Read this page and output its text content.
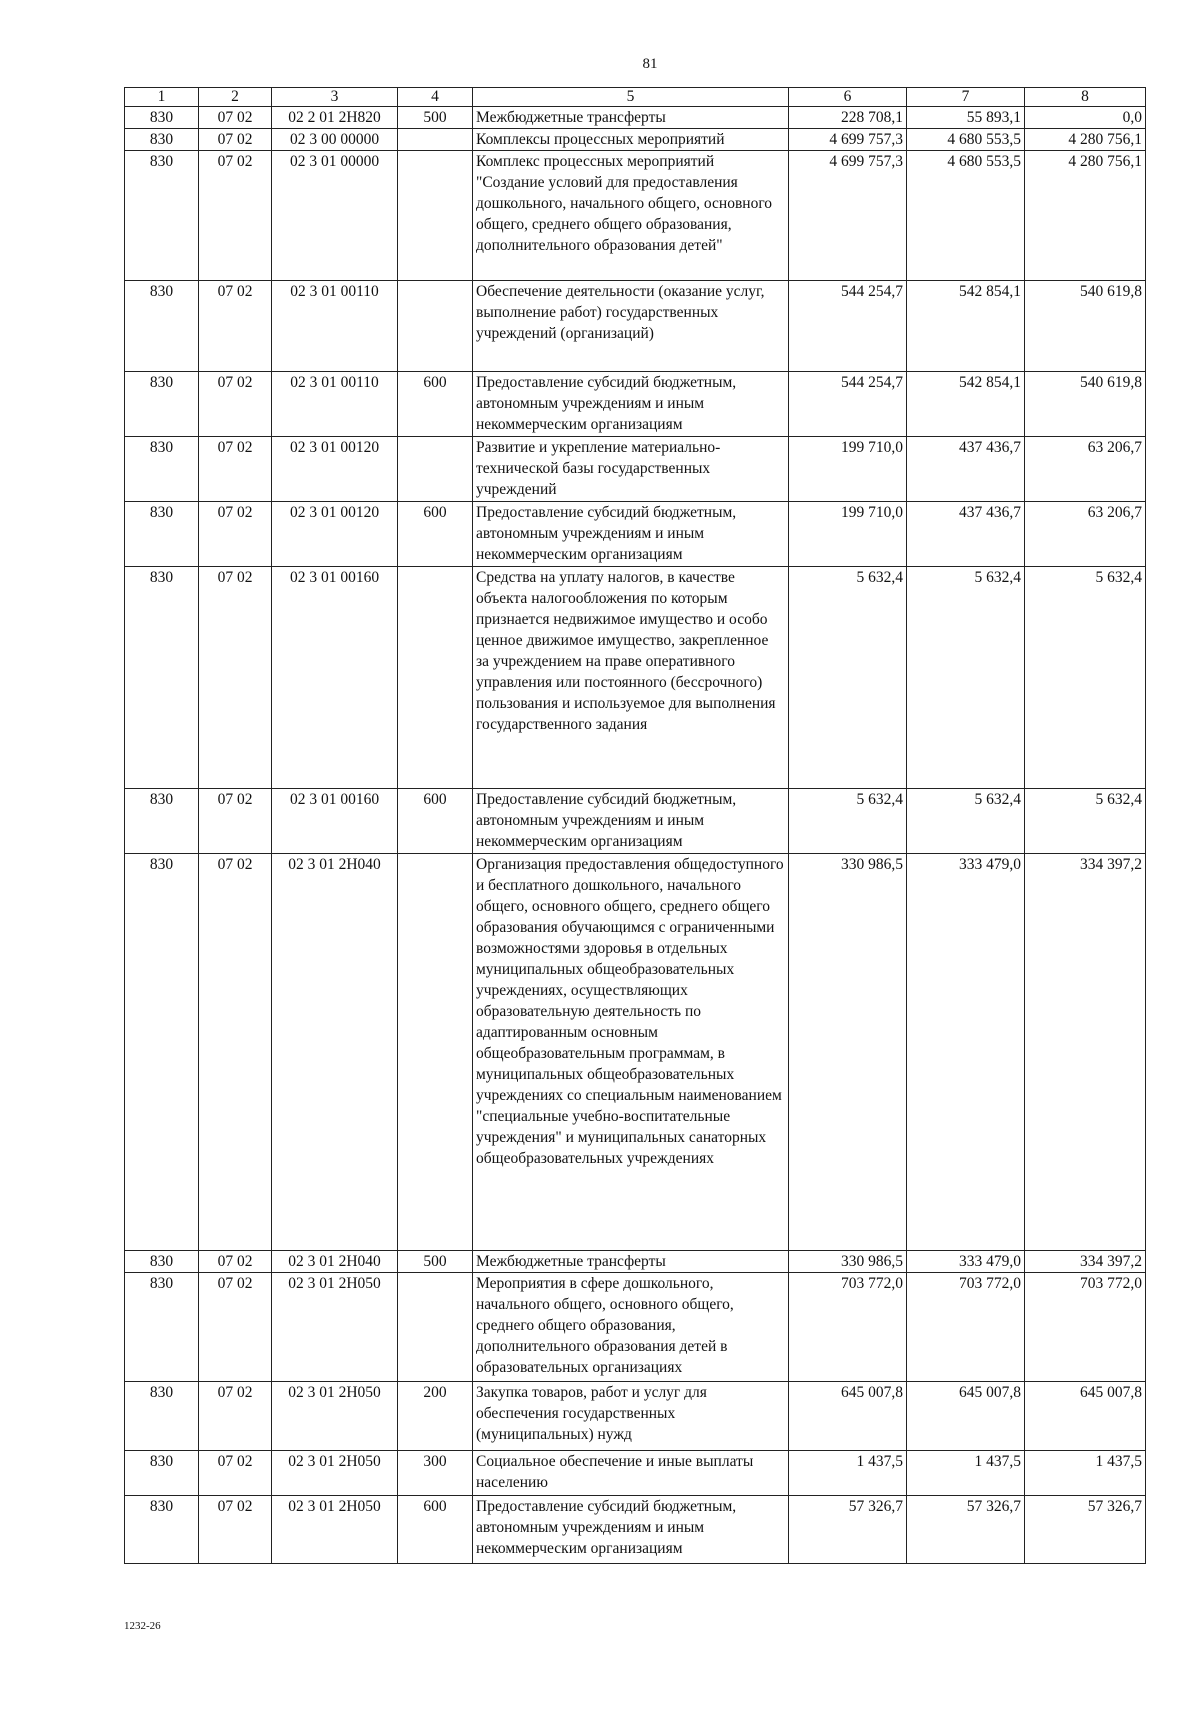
81
1	2	3	4	5	6	7	8
830	07 02	02 2 01 2Н820	500	Межбюджетные трансферты	228 708,1	55 893,1	0,0
830	07 02	02 3 00 00000		Комплексы процессных мероприятий	4 699 757,3	4 680 553,5	4 280 756,1
830	07 02	02 3 01 00000		Комплекс процессных мероприятий "Создание условий для предоставления дошкольного, начального общего, основного общего, среднего общего образования, дополнительного образования детей"	4 699 757,3	4 680 553,5	4 280 756,1
830	07 02	02 3 01 00110		Обеспечение деятельности (оказание услуг, выполнение работ) государственных учреждений (организаций)	544 254,7	542 854,1	540 619,8
830	07 02	02 3 01 00110	600	Предоставление субсидий бюджетным, автономным учреждениям и иным некоммерческим организациям	544 254,7	542 854,1	540 619,8
830	07 02	02 3 01 00120		Развитие и укрепление материально-технической базы государственных учреждений	199 710,0	437 436,7	63 206,7
830	07 02	02 3 01 00120	600	Предоставление субсидий бюджетным, автономным учреждениям и иным некоммерческим организациям	199 710,0	437 436,7	63 206,7
830	07 02	02 3 01 00160		Средства на уплату налогов, в качестве объекта налогообложения по которым признается недвижимое имущество и особо ценное движимое имущество, закрепленное за учреждением на праве оперативного управления или постоянного (бессрочного) пользования и используемое для выполнения государственного задания	5 632,4	5 632,4	5 632,4
830	07 02	02 3 01 00160	600	Предоставление субсидий бюджетным, автономным учреждениям и иным некоммерческим организациям	5 632,4	5 632,4	5 632,4
830	07 02	02 3 01 2Н040		Организация предоставления общедоступного и бесплатного дошкольного, начального общего, основного общего, среднего общего образования обучающимся с ограниченными возможностями здоровья в отдельных муниципальных общеобразовательных учреждениях, осуществляющих образовательную деятельность по адаптированным основным общеобразовательным программам, в муниципальных общеобразовательных учреждениях со специальным наименованием "специальные учебно-воспитательные учреждения" и муниципальных санаторных общеобразовательных учреждениях	330 986,5	333 479,0	334 397,2
830	07 02	02 3 01 2Н040	500	Межбюджетные трансферты	330 986,5	333 479,0	334 397,2
830	07 02	02 3 01 2Н050		Мероприятия в сфере дошкольного, начального общего, основного общего, среднего общего образования, дополнительного образования детей в образовательных организациях	703 772,0	703 772,0	703 772,0
830	07 02	02 3 01 2Н050	200	Закупка товаров, работ и услуг для обеспечения государственных (муниципальных) нужд	645 007,8	645 007,8	645 007,8
830	07 02	02 3 01 2Н050	300	Социальное обеспечение и иные выплаты населению	1 437,5	1 437,5	1 437,5
830	07 02	02 3 01 2Н050	600	Предоставление субсидий бюджетным, автономным учреждениям и иным некоммерческим организациям	57 326,7	57 326,7	57 326,7
1232-26
